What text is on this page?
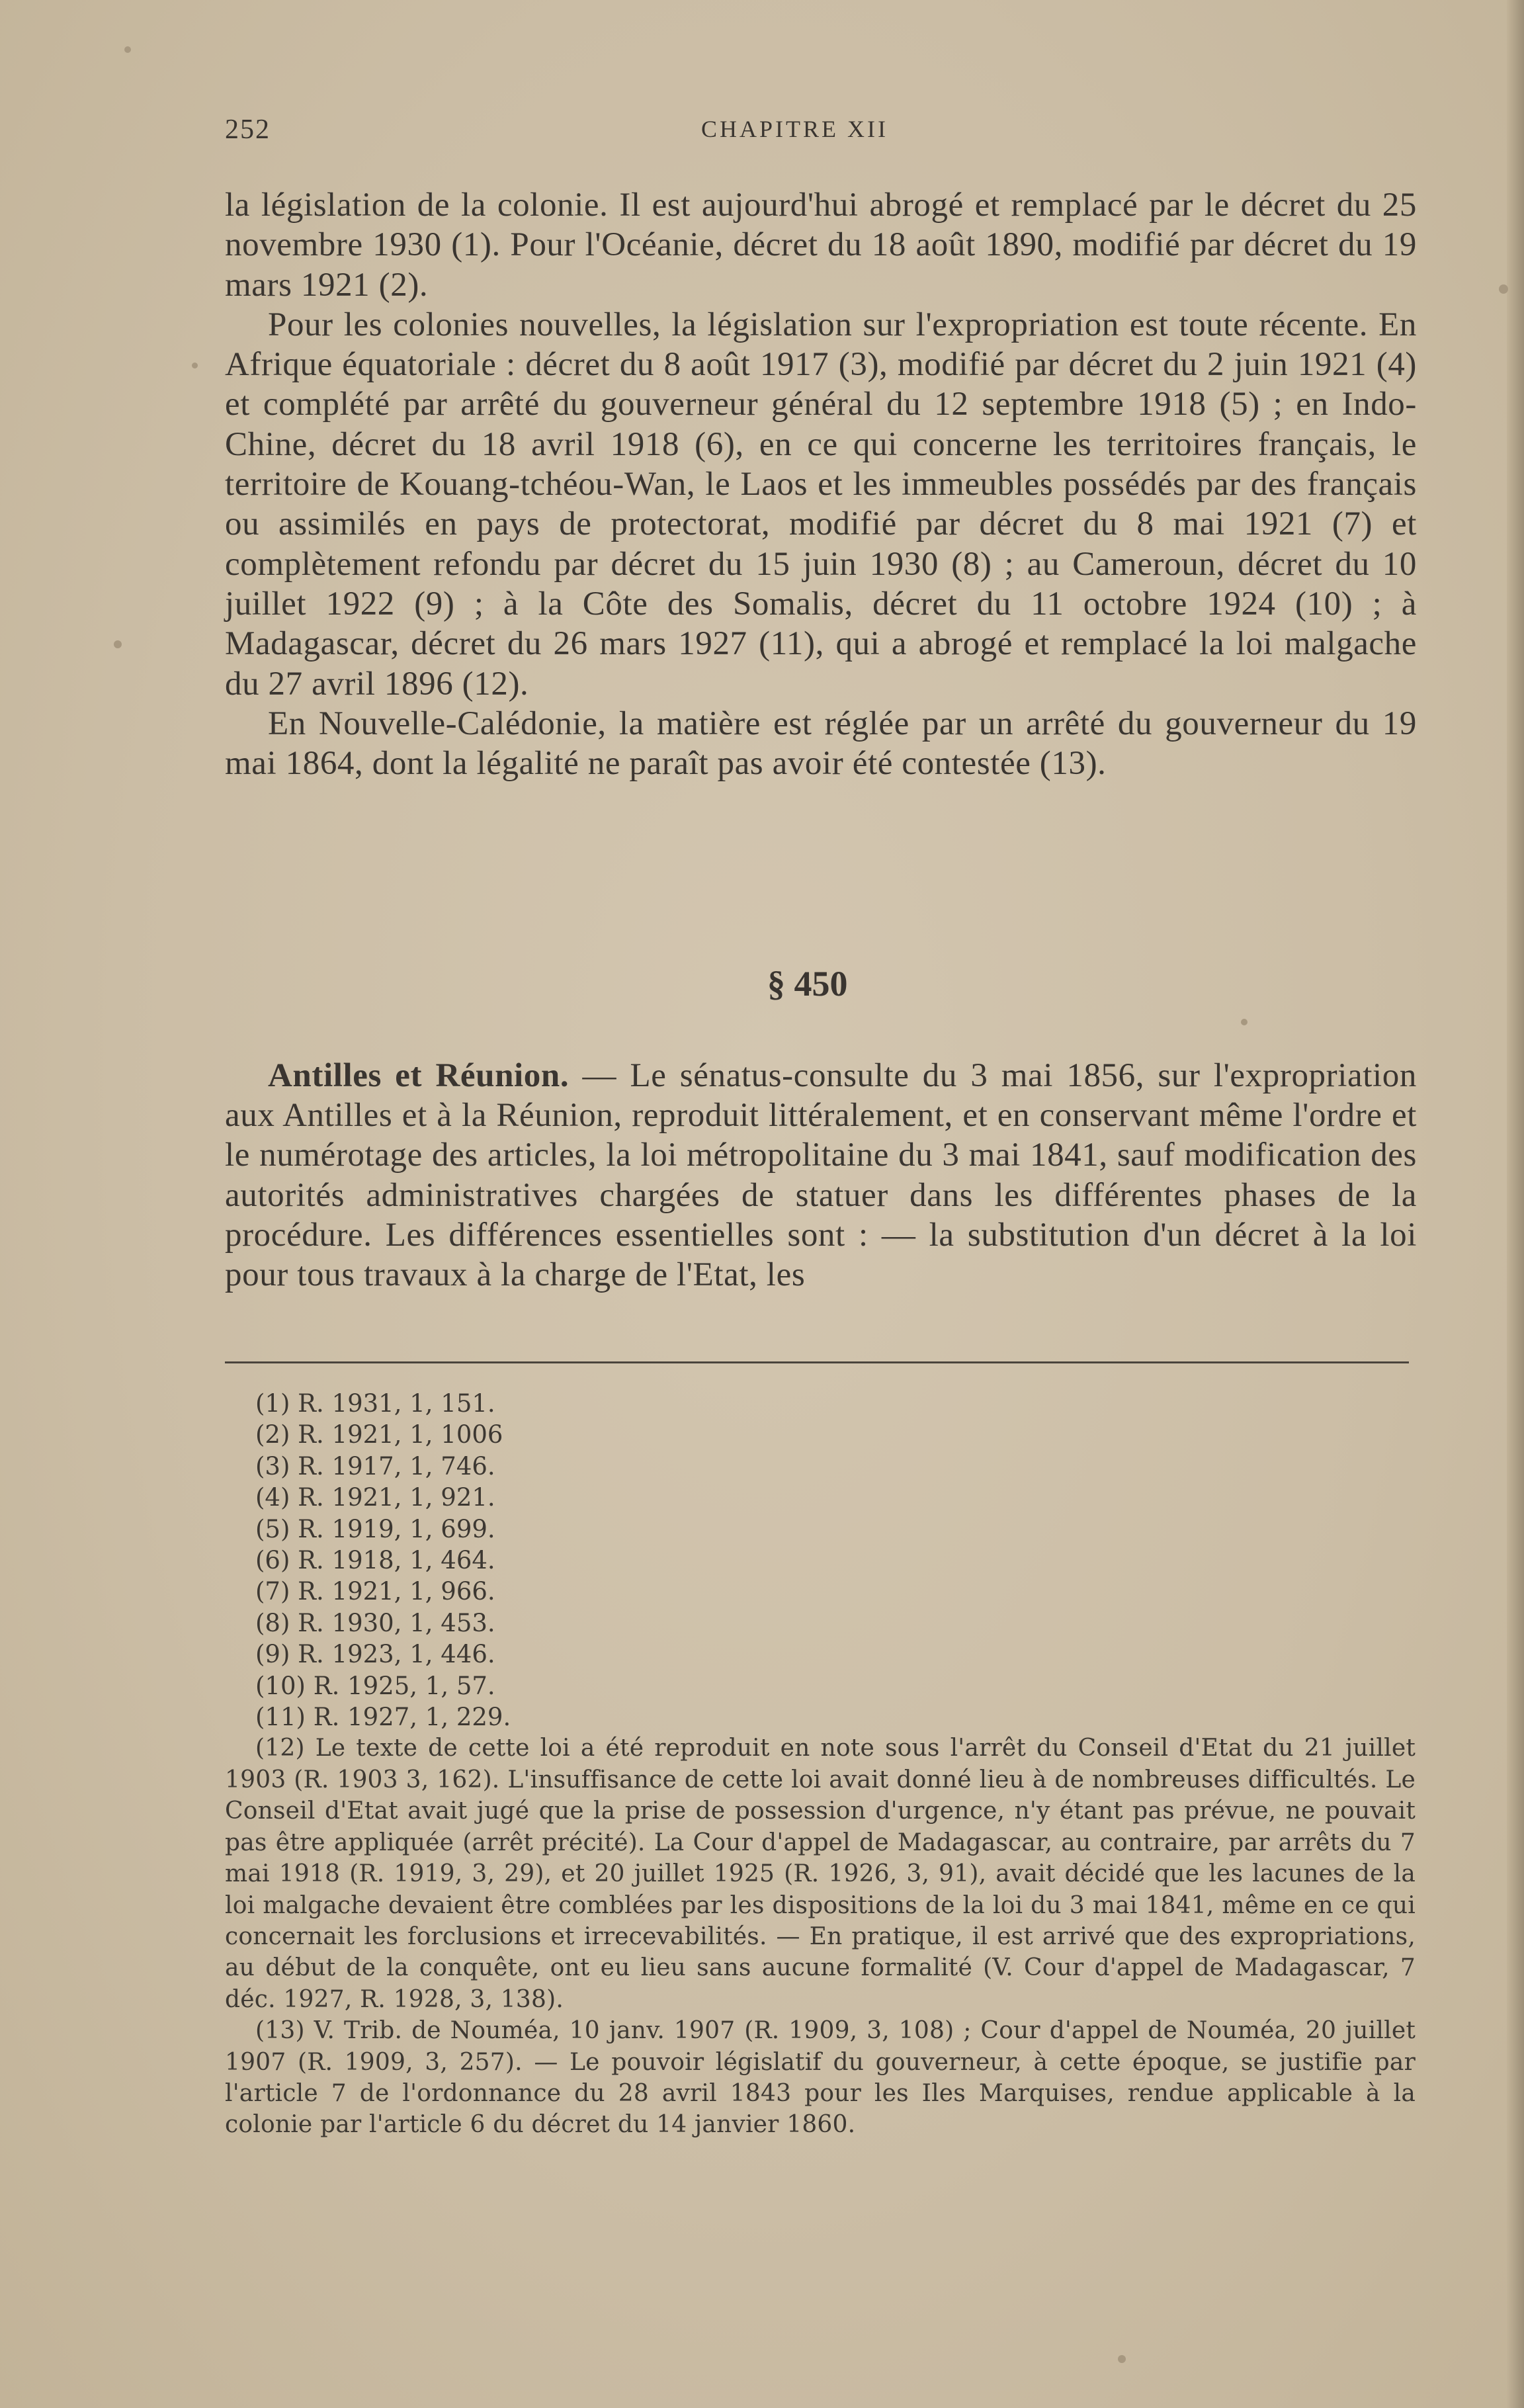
252	CHAPITRE XII

la législation de la colonie. Il est aujourd'hui abrogé et remplacé par le décret du 25 novembre 1930 (1). Pour l'Océanie, décret du 18 août 1890, modifié par décret du 19 mars 1921 (2).

Pour les colonies nouvelles, la législation sur l'expropriation est toute récente. En Afrique équatoriale : décret du 8 août 1917 (3), modifié par décret du 2 juin 1921 (4) et complété par arrêté du gouverneur général du 12 septembre 1918 (5) ; en Indo-Chine, décret du 18 avril 1918 (6), en ce qui concerne les territoires français, le territoire de Kouang-tchéou-Wan, le Laos et les immeubles possédés par des français ou assimilés en pays de protectorat, modifié par décret du 8 mai 1921 (7) et complètement refondu par décret du 15 juin 1930 (8) ; au Cameroun, décret du 10 juillet 1922 (9) ; à la Côte des Somalis, décret du 11 octobre 1924 (10) ; à Madagascar, décret du 26 mars 1927 (11), qui a abrogé et remplacé la loi malgache du 27 avril 1896 (12).

En Nouvelle-Calédonie, la matière est réglée par un arrêté du gouverneur du 19 mai 1864, dont la légalité ne paraît pas avoir été contestée (13).

§ 450

Antilles et Réunion. — Le sénatus-consulte du 3 mai 1856, sur l'expropriation aux Antilles et à la Réunion, reproduit littéralement, et en conservant même l'ordre et le numérotage des articles, la loi métropolitaine du 3 mai 1841, sauf modification des autorités administratives chargées de statuer dans les différentes phases de la procédure. Les différences essentielles sont : — la substitution d'un décret à la loi pour tous travaux à la charge de l'Etat, les

(1) R. 1931, 1, 151.

(2) R. 1921, 1, 1006

(3) R. 1917, 1, 746.

(4) R. 1921, 1, 921.

(5) R. 1919, 1, 699.

(6) R. 1918, 1, 464.

(7) R. 1921, 1, 966.

(8) R. 1930, 1, 453.

(9) R. 1923, 1, 446.

(10) R. 1925, 1, 57.

(11) R. 1927, 1, 229.

(12) Le texte de cette loi a été reproduit en note sous l'arrêt du Conseil d'Etat du 21 juillet 1903 (R. 1903 3, 162). L'insuffisance de cette loi avait donné lieu à de nombreuses difficultés. Le Conseil d'Etat avait jugé que la prise de possession d'urgence, n'y étant pas prévue, ne pouvait pas être appliquée (arrêt précité). La Cour d'appel de Madagascar, au contraire, par arrêts du 7 mai 1918 (R. 1919, 3, 29), et 20 juillet 1925 (R. 1926, 3, 91), avait décidé que les lacunes de la loi malgache devaient être comblées par les dispositions de la loi du 3 mai 1841, même en ce qui concernait les forclusions et irrecevabilités. — En pratique, il est arrivé que des expropriations, au début de la conquête, ont eu lieu sans aucune formalité (V. Cour d'appel de Madagascar, 7 déc. 1927, R. 1928, 3, 138).

(13) V. Trib. de Nouméa, 10 janv. 1907 (R. 1909, 3, 108) ; Cour d'appel de Nouméa, 20 juillet 1907 (R. 1909, 3, 257). — Le pouvoir législatif du gouverneur, à cette époque, se justifie par l'article 7 de l'ordonnance du 28 avril 1843 pour les Iles Marquises, rendue applicable à la colonie par l'article 6 du décret du 14 janvier 1860.
